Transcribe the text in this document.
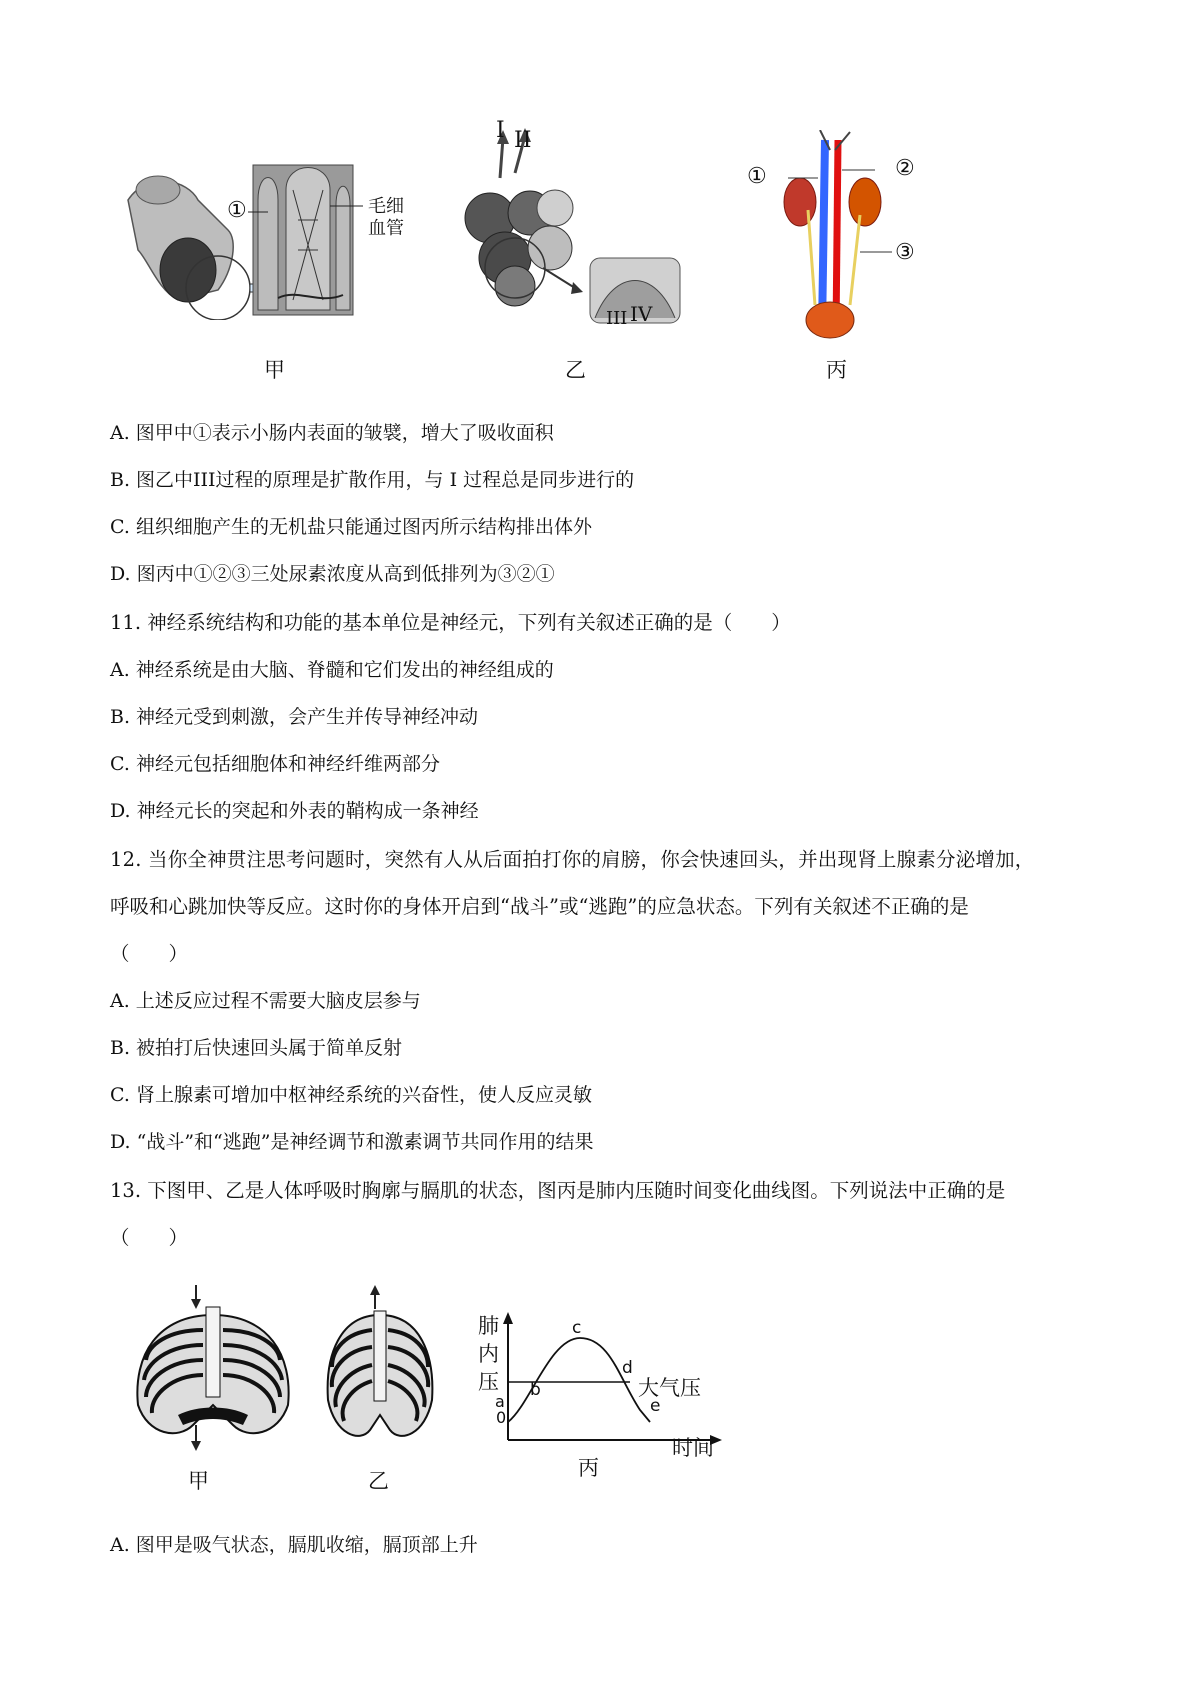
①	毛细
血管
甲
I II
III IV
乙
①	②
③
丙
A. 图甲中①表示小肠内表面的皱襞，增大了吸收面积
B. 图乙中III过程的原理是扩散作用，与 I 过程总是同步进行的
C. 组织细胞产生的无机盐只能通过图丙所示结构排出体外
D. 图丙中①②③三处尿素浓度从高到低排列为③②①
11. 神经系统结构和功能的基本单位是神经元，下列有关叙述正确的是（　　）
A. 神经系统是由大脑、脊髓和它们发出的神经组成的
B. 神经元受到刺激，会产生并传导神经冲动
C. 神经元包括细胞体和神经纤维两部分
D. 神经元长的突起和外表的鞘构成一条神经
12. 当你全神贯注思考问题时，突然有人从后面拍打你的肩膀，你会快速回头，并出现肾上腺素分泌增加，
呼吸和心跳加快等反应。这时你的身体开启到“战斗”或“逃跑”的应急状态。下列有关叙述不正确的是
（　　）
A. 上述反应过程不需要大脑皮层参与
B. 被拍打后快速回头属于简单反射
C. 肾上腺素可增加中枢神经系统的兴奋性，使人反应灵敏
D. “战斗”和“逃跑”是神经调节和激素调节共同作用的结果
13. 下图甲、乙是人体呼吸时胸廓与膈肌的状态，图丙是肺内压随时间变化曲线图。下列说法中正确的是
（　　）
甲	乙
肺
内
压
0
a
b
c
d
e
大气压
时间
丙
A. 图甲是吸气状态，膈肌收缩，膈顶部上升
